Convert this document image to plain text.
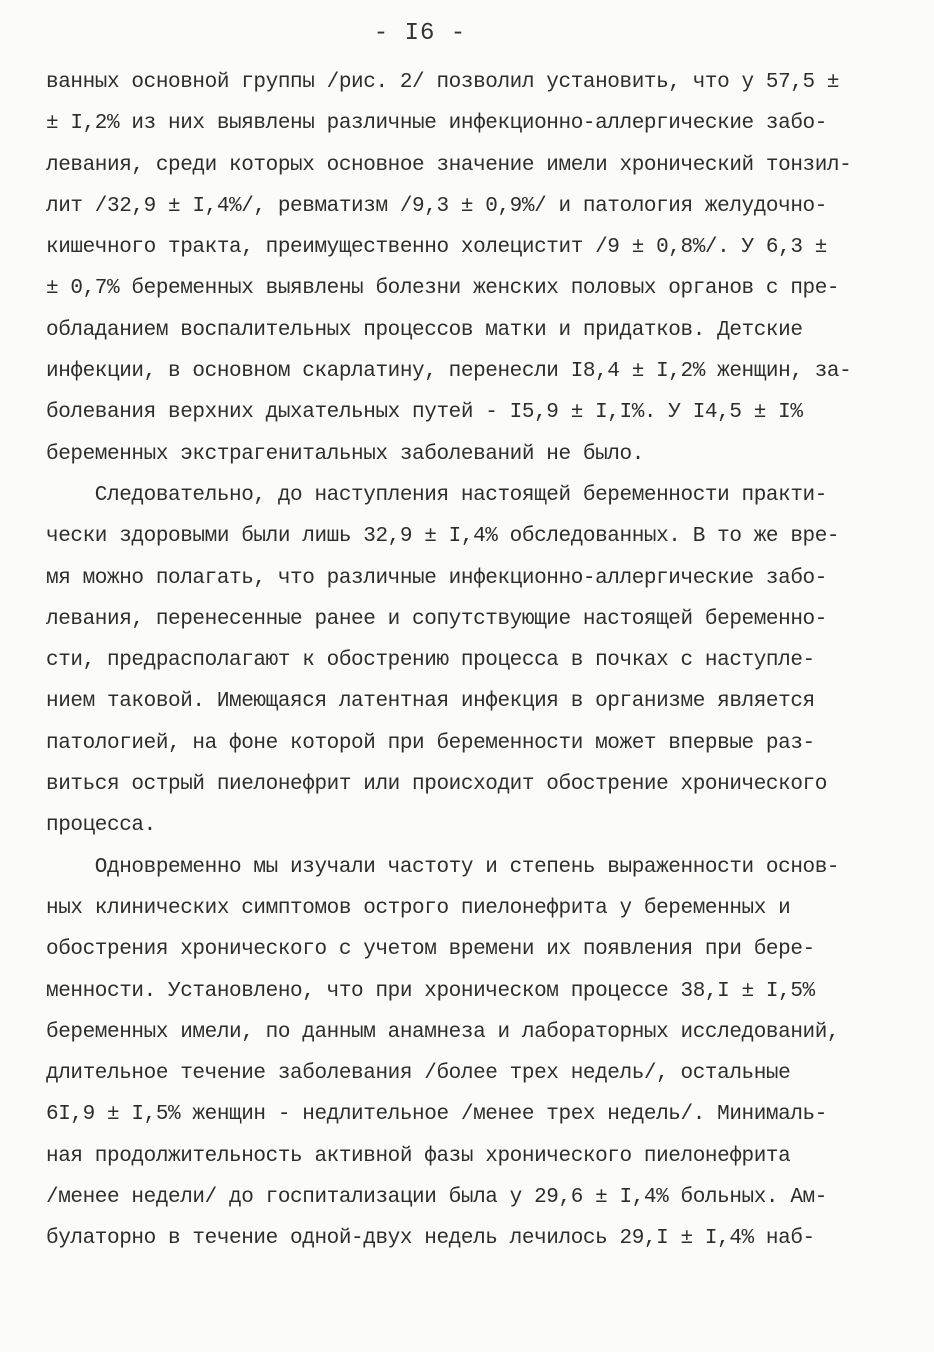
- I6 -
ванных основной группы /рис. 2/ позволил установить, что у 57,5 ±
± I,2% из них выявлены различные инфекционно-аллергические забо-
левания, среди которых основное значение имели хронический тонзил-
лит /32,9 ± I,4%/, ревматизм /9,3 ± 0,9%/ и патология желудочно-
кишечного тракта, преимущественно холецистит /9 ± 0,8%/. У 6,3 ±
± 0,7% беременных выявлены болезни женских половых органов с пре-
обладанием воспалительных процессов матки и придатков. Детские
инфекции, в основном скарлатину, перенесли I8,4 ± I,2% женщин, за-
болевания верхних дыхательных путей - I5,9 ± I,I%. У I4,5 ± I%
беременных экстрагенитальных заболеваний не было.
Следовательно, до наступления настоящей беременности практи-
чески здоровыми были лишь 32,9 ± I,4% обследованных. В то же вре-
мя можно полагать, что различные инфекционно-аллергические забо-
левания, перенесенные ранее и сопутствующие настоящей беременно-
сти, предрасполагают к обострению процесса в почках с наступле-
нием таковой. Имеющаяся латентная инфекция в организме является
патологией, на фоне которой при беременности может впервые раз-
виться острый пиелонефрит или происходит обострение хронического
процесса.
Одновременно мы изучали частоту и степень выраженности основ-
ных клинических симптомов острого пиелонефрита у беременных и
обострения хронического с учетом времени их появления при бере-
менности. Установлено, что при хроническом процессе 38,I ± I,5%
беременных имели, по данным анамнеза и лабораторных исследований,
длительное течение заболевания /более трех недель/, остальные
6I,9 ± I,5% женщин - недлительное /менее трех недель/. Минималь-
ная продолжительность активной фазы хронического пиелонефрита
/менее недели/ до госпитализации была у 29,6 ± I,4% больных. Ам-
булаторно в течение одной-двух недель лечилось 29,I ± I,4% наб-
